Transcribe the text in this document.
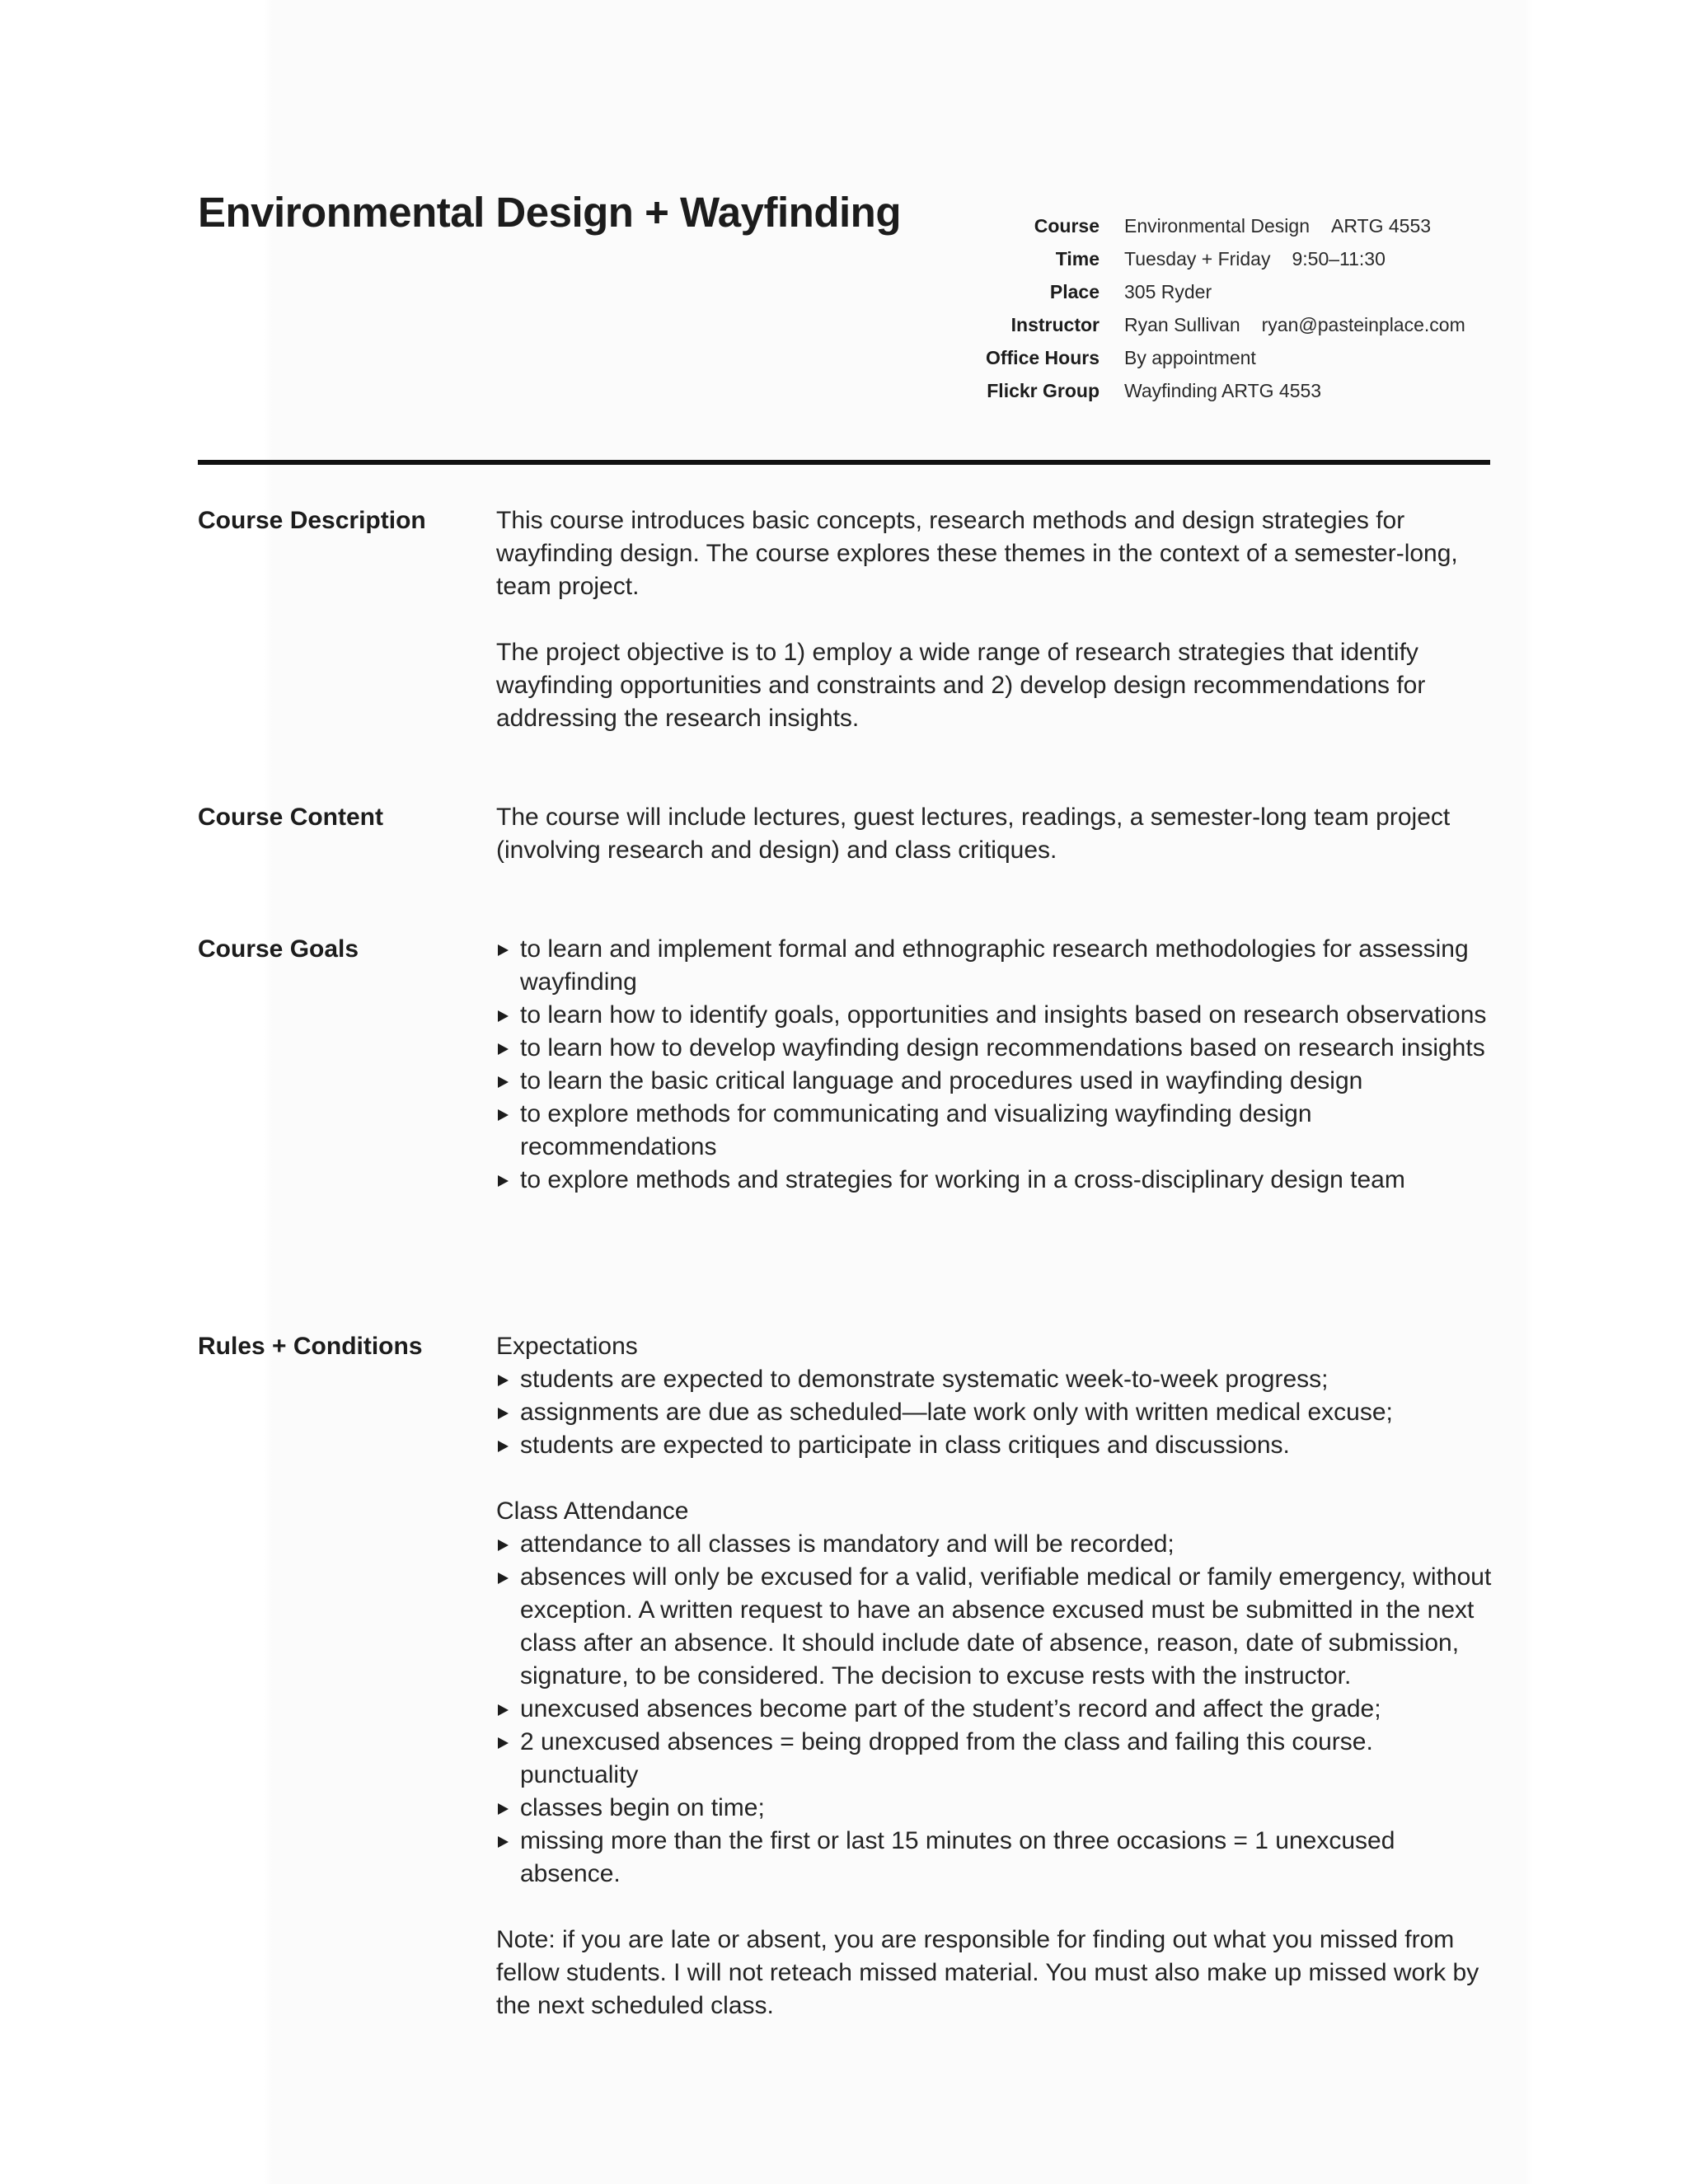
Environmental Design + Wayfinding	Course	Environmental Design ARTG 4553
Time	Tuesday + Friday 9:50–11:30
Place	305 Ryder
Instructor	Ryan Sullivan ryan@pasteinplace.com
Office Hours	By appointment
Flickr Group	Wayfinding ARTG 4553
Course Description	This course introduces basic concepts, research methods and design strategies for wayfinding design. The course explores these themes in the context of a semester-long, team project.

The project objective is to 1) employ a wide range of research strategies that identify wayfinding opportunities and constraints and 2) develop design recommendations for addressing the research insights.

Course Content	The course will include lectures, guest lectures, readings, a semester-long team project (involving research and design) and class critiques.

Course Goals	to learn and implement formal and ethnographic research methodologies for assessing wayfinding
to learn how to identify goals, opportunities and insights based on research observations
to learn how to develop wayfinding design recommendations based on research insights
to learn the basic critical language and procedures used in wayfinding design
to explore methods for communicating and visualizing wayfinding design recommendations
to explore methods and strategies for working in a cross-disciplinary design team
Rules + Conditions	Expectations

students are expected to demonstrate systematic week-to-week progress;
assignments are due as scheduled—late work only with written medical excuse;
students are expected to participate in class critiques and discussions.

Class Attendance

attendance to all classes is mandatory and will be recorded;
absences will only be excused for a valid, verifiable medical or family emergency, without exception. A written request to have an absence excused must be submitted in the next class after an absence. It should include date of absence, reason, date of submission, signature, to be considered. The decision to excuse rests with the instructor.
unexcused absences become part of the student’s record and affect the grade;
2 unexcused absences = being dropped from the class and failing this course.
punctuality
classes begin on time;
missing more than the first or last 15 minutes on three occasions = 1 unexcused absence.

Note: if you are late or absent, you are responsible for finding out what you missed from fellow students. I will not reteach missed material. You must also make up missed work by the next scheduled class.
